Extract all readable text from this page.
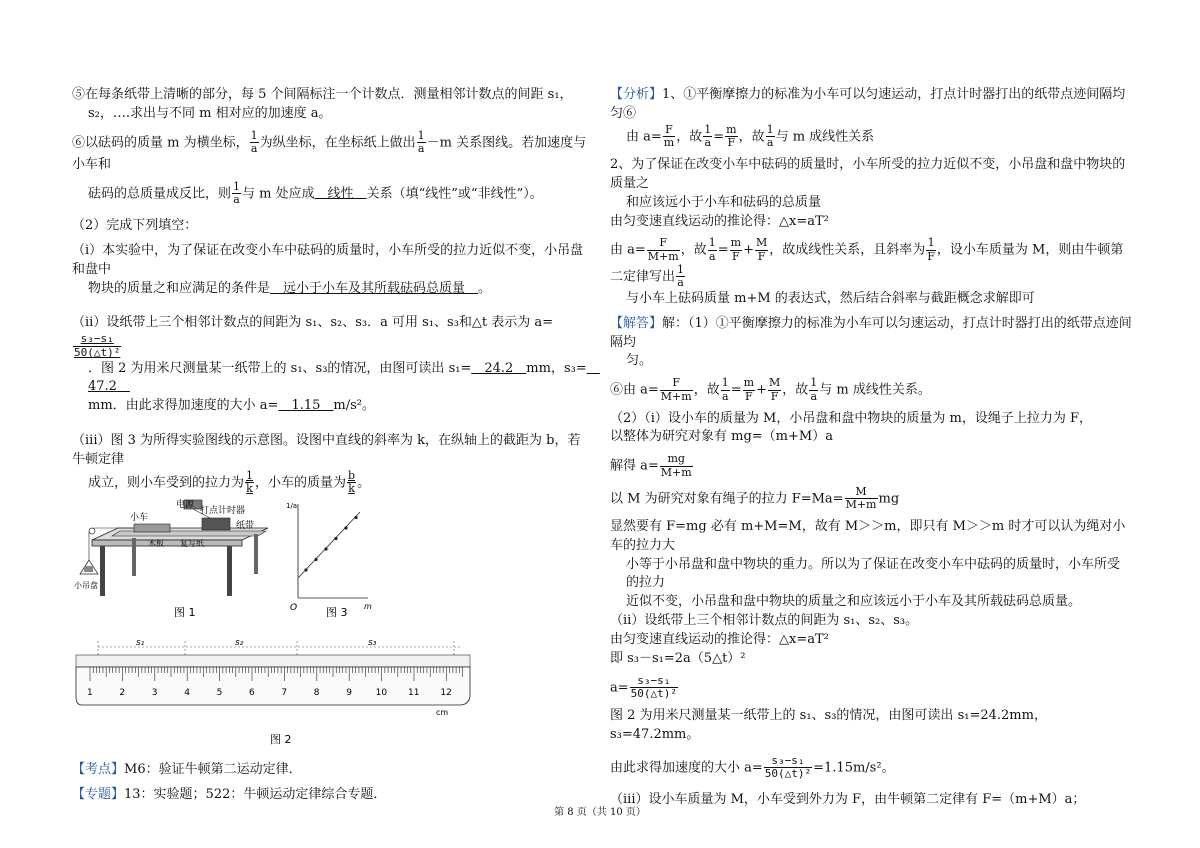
⑤在每条纸带上清晰的部分，每 5 个间隔标注一个计数点．测量相邻计数点的间距 s₁，

s₂，….求出与不同 m 相对应的加速度 a。

⑥以砝码的质量 m 为横坐标， $\frac{1}{a}$ 为纵坐标，在坐标纸上做出 $\frac{1}{a} -m$ 关系图线。若加速度与小车和

砝码的总质量成反比，则 $\frac{1}{a}$ 与 m 处应成　线性　关系（填“线性”或“非线性”）。

（2）完成下列填空：

（i）本实验中，为了保证在改变小车中砝码的质量时，小车所受的拉力近似不变，小吊盘和盘中

物块的质量之和应满足的条件是　远小于小车及其所载砝码总质量　。

（ii）设纸带上三个相邻计数点的间距为 s₁、s₂、s₃．a 可用 s₁、s₃和△t 表示为 a=
$\frac{\text{s₃−s₁}}{\text{50(△t)²}}$

．图 2 为用米尺测量某一纸带上的 s₁、s₃的情况，由图可读出 s₁=　24.2　mm，s₃=　47.2　

mm．由此求得加速度的大小 a=　1.15　m/s²。

（iii）图 3 为所得实验图线的示意图。设图中直线的斜率为 k，在纵轴上的截距为 b，若牛顿定律

成立，则小车受到的拉力为 $\frac{1}{k}$ ，小车的质量为 $\frac{b}{k}$ 。

电源
打点计时器
小车
纸带
木板 复写纸
小吊盘
图 1
1/a
O	m
图 3
s₁	s₂	s₃
1	2	3	4	5	6	7	8	9	10 11 12
cm
图 2

【考点】M6：验证牛顿第二运动定律．

【专题】13：实验题；522：牛顿运动定律综合专题．

【分析】1、①平衡摩擦力的标准为小车可以匀速运动，打点计时器打出的纸带点迹间隔均匀⑥

由 $a= \frac{F}{m}$ ，故 $\frac{1}{a} = \frac{m}{F}$ ，故 $\frac{1}{a}$ 与 m 成线性关系

2、为了保证在改变小车中砝码的质量时，小车所受的拉力近似不变，小吊盘和盘中物块的质量之

和应该远小于小车和砝码的总质量

由匀变速直线运动的推论得：△x=aT²

由 $a= \frac{F}{M+m}$ ，故 $\frac{1}{a} = \frac{m}{F} + \frac{M}{F}$ ，故成线性关系，且斜率为 $\frac{1}{F}$ ，设小车质量为 M，则由牛顿第二定律写出 $\frac{1}{a}$

与小车上砝码质量 m+M 的表达式，然后结合斜率与截距概念求解即可

【解答】解：（1）①平衡摩擦力的标准为小车可以匀速运动，打点计时器打出的纸带点迹间隔均

匀。

⑥由 $a= \frac{F}{M+m}$ ，故 $\frac{1}{a} = \frac{m}{F} + \frac{M}{F}$ ，故 $\frac{1}{a}$ 与 m 成线性关系。

（2）（i）设小车的质量为 M，小吊盘和盘中物块的质量为 m，设绳子上拉力为 F，

以整体为研究对象有 mg=（m+M）a

解得 $a= \frac{mg}{M+m}$

以 M 为研究对象有绳子的拉力 $F=Ma= \frac{M}{M+m}$ mg

显然要有 F=mg 必有 m+M=M，故有 M＞＞m，即只有 M＞＞m 时才可以认为绳对小车的拉力大

小等于小吊盘和盘中物块的重力。所以为了保证在改变小车中砝码的质量时，小车所受的拉力

近似不变，小吊盘和盘中物块的质量之和应该远小于小车及其所载砝码总质量。

（ii）设纸带上三个相邻计数点的间距为 s₁、s₂、s₃。

由匀变速直线运动的推论得：△x=aT²

即 s₃－s₁=2a（5△t）²

$a= \frac{\text{s₃−s₁}}{\text{50(△t)²}}$

图 2 为用米尺测量某一纸带上的 s₁、s₃的情况，由图可读出 s₁=24.2mm，s₃=47.2mm。

由此求得加速度的大小 $a= \frac{\text{s₃−s₁}}{\text{50(△t)²}} =1.15m/s^2$。

（iii）设小车质量为 M，小车受到外力为 F，由牛顿第二定律有 F=（m+M）a；

第 8 页（共 10 页）
